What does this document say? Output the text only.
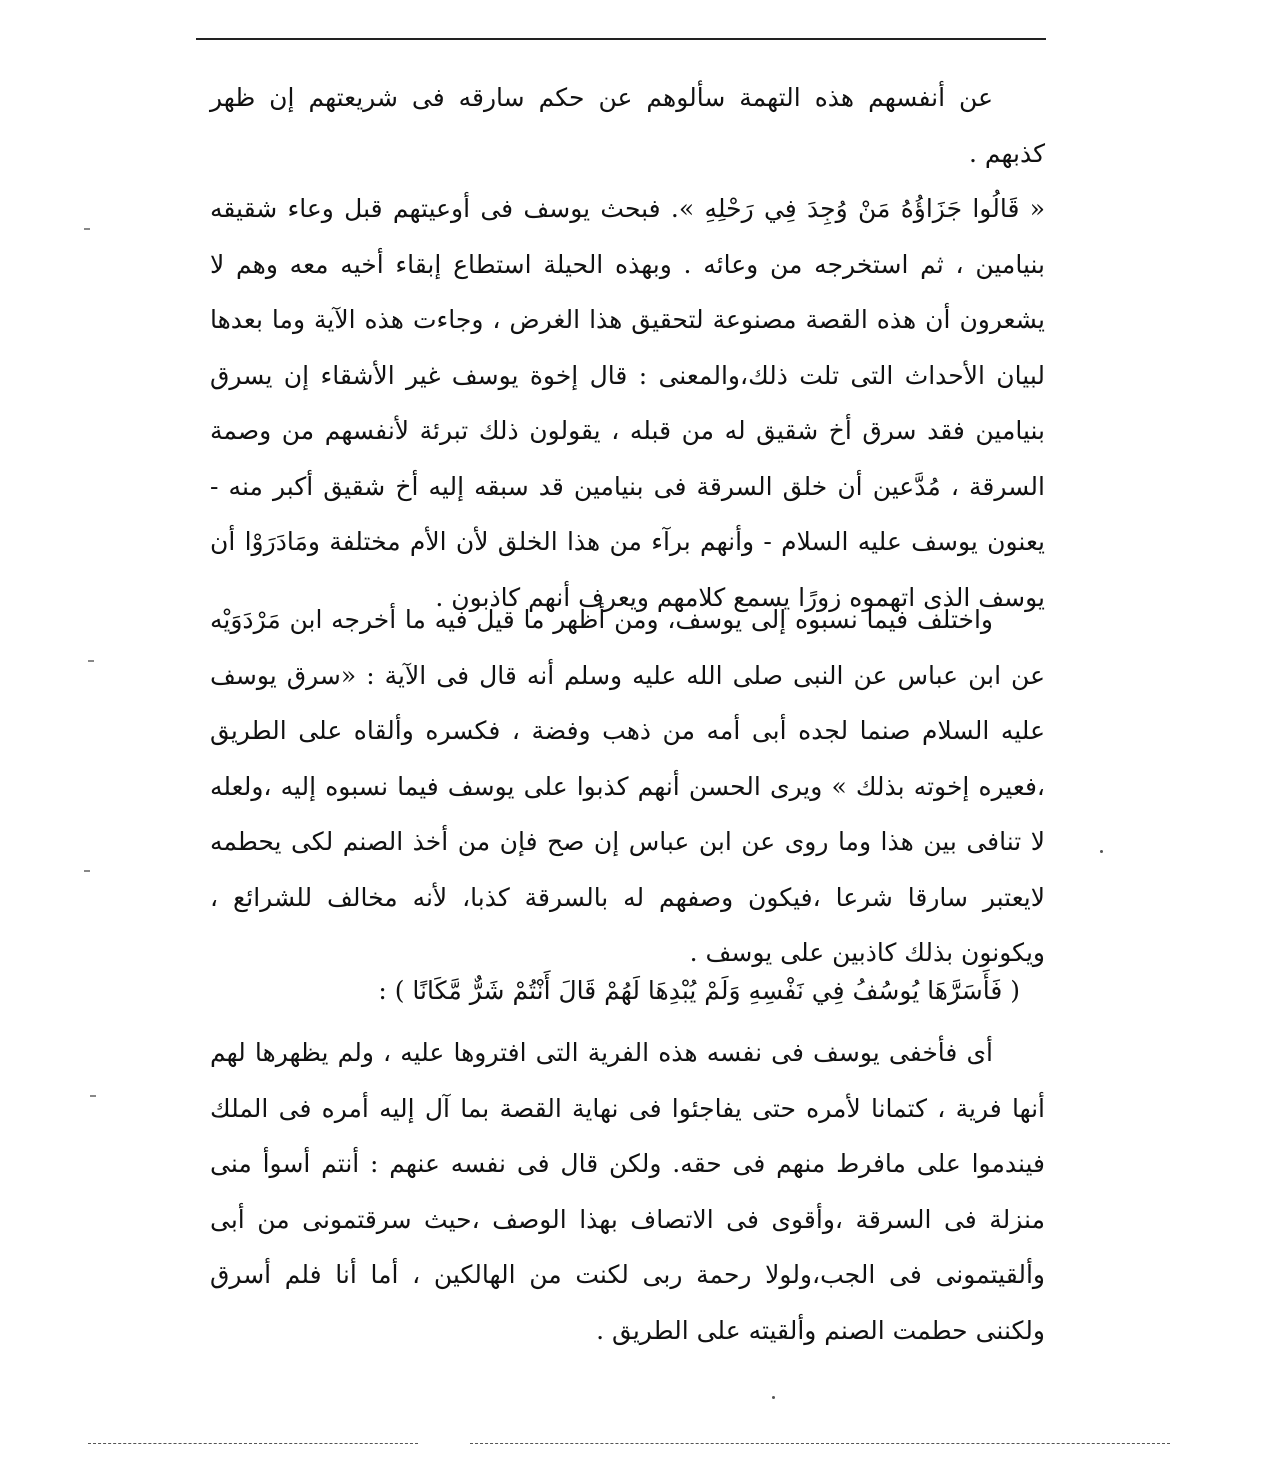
عن أنفسهم هذه التهمة سألوهم عن حكم سارقه فى شريعتهم إن ظهر كذبهم .

« قَالُوا جَزَاؤُهُ مَنْ وُجِدَ فِي رَحْلِهِ ». فبحث يوسف فى أوعيتهم قبل وعاء شقيقه بنيامين ، ثم استخرجه من وعائه . وبهذه الحيلة استطاع إبقاء أخيه معه وهم لا يشعرون أن هذه القصة مصنوعة لتحقيق هذا الغرض ، وجاءت هذه الآية وما بعدها لبيان الأحداث التى تلت ذلك،والمعنى : قال إخوة يوسف غير الأشقاء إن يسرق بنيامين فقد سرق أخ شقيق له من قبله ، يقولون ذلك تبرئة لأنفسهم من وصمة السرقة ، مُدَّعين أن خلق السرقة فى بنيامين قد سبقه إليه أخ شقيق أكبر منه - يعنون يوسف عليه السلام - وأنهم برآء من هذا الخلق لأن الأم مختلفة ومَادَرَوْا أن يوسف الذى اتهموه زورًا يسمع كلامهم ويعرف أنهم كاذبون .

واختلف فيما نسبوه إلى يوسف، ومن أظهر ما قيل فيه ما أخرجه ابن مَرْدَوَيْه عن ابن عباس عن النبى صلى الله عليه وسلم أنه قال فى الآية : «سرق يوسف عليه السلام صنما لجده أبى أمه من ذهب وفضة ، فكسره وألقاه على الطريق ،فعيره إخوته بذلك » ويرى الحسن أنهم كذبوا على يوسف فيما نسبوه إليه ،ولعله لا تنافى بين هذا وما روى عن ابن عباس إن صح فإن من أخذ الصنم لكى يحطمه لايعتبر سارقا شرعا ،فيكون وصفهم له بالسرقة كذبا، لأنه مخالف للشرائع ، ويكونون بذلك كاذبين على يوسف .

( فَأَسَرَّهَا يُوسُفُ فِي نَفْسِهِ وَلَمْ يُبْدِهَا لَهُمْ قَالَ أَنْتُمْ شَرٌّ مَّكَانًا ) :

أى فأخفى يوسف فى نفسه هذه الفرية التى افتروها عليه ، ولم يظهرها لهم أنها فرية ، كتمانا لأمره حتى يفاجئوا فى نهاية القصة بما آل إليه أمره فى الملك فيندموا على مافرط منهم فى حقه. ولكن قال فى نفسه عنهم : أنتم أسوأ منى منزلة فى السرقة ،وأقوى فى الاتصاف بهذا الوصف ،حيث سرقتمونى من أبى وألقيتمونى فى الجب،ولولا رحمة ربى لكنت من الهالكين ، أما أنا فلم أسرق ولكننى حطمت الصنم وألقيته على الطريق .
